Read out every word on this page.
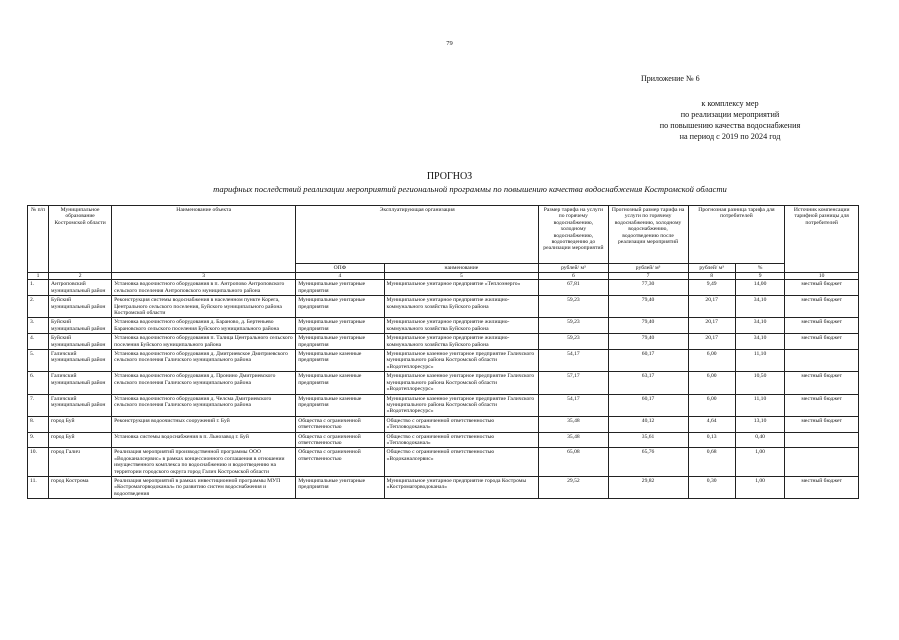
79
Приложение № 6
к комплексу мер
по реализации мероприятий
по повышению качества водоснабжения
на период с 2019 по 2024 год
ПРОГНОЗ
тарифных последствий реализации мероприятий региональной программы по повышению качества водоснабжения Костромской области
№ п/п	Муниципальное образование Костромской области	Наименование объекта	Эксплуатирующая организация		Размер тарифа на услуги по горячему водоснабжению, холодному водоснабжению, водоотведению до реализации мероприятий	Прогнозный размер тарифа на услуги по горячему водоснабжению, холодному водоснабжению, водоотведению после реализации мероприятий	Прогнозная разница тарифа для потребителей		Источник компенсации тарифной разницы для потребителей
			ОПФ	наименование	рублей/ м³	рублей/ м³	рублей/ м³	%	
1	2	3	4	5	6	7	8	9	10
1.	Антроповский муниципальный район	Установка водоочистного оборудования в п. Антропово Антроповского сельского поселения Антроповского муниципального района	Муниципальные унитарные предприятия	Муниципальное унитарное предприятие «Теплоэнерго»	67,81	77,30	9,49	14,00	местный бюджет
2.	Буйский муниципальный район	Реконструкция системы водоснабжения в населенном пункте Корега, Центрального сельского поселения, Буйского муниципального района Костромской области	Муниципальные унитарные предприятия	Муниципальное унитарное предприятие жилищно-коммунального хозяйства Буйского района	59,23	79,40	20,17	34,10	местный бюджет
3.	Буйский муниципальный район	Установка водоочистного оборудования д. Барановo, д. Бертеньево Барановского сельского поселения Буйского муниципального района	Муниципальные унитарные предприятия	Муниципальное унитарное предприятие жилищно-коммунального хозяйства Буйского района	59,23	79,40	20,17	34,10	местный бюджет
4.	Буйский муниципальный район	Установка водоочистного оборудования п. Талица Центрального сельского поселения Буйского муниципального района	Муниципальные унитарные предприятия	Муниципальное унитарное предприятие жилищно-коммунального хозяйства Буйского района	59,23	79,40	20,17	34,10	местный бюджет
5.	Галичский муниципальный район	Установка водоочистного оборудования д. Дмитриевское Дмитриевского сельского поселения Галичского муниципального района	Муниципальные казенные предприятия	Муниципальное казенное унитарное предприятие Галичского муниципального района Костромской области «Водотеплоресурс»	54,17	60,17	6,00	11,10	
6.	Галичский муниципальный район	Установка водоочистного оборудования д. Пронино Дмитриевского сельского поселения Галичского муниципального района	Муниципальные казенные предприятия	Муниципальное казенное унитарное предприятие Галичского муниципального района Костромской области «Водотеплоресурс»	57,17	63,17	6,00	10,50	местный бюджет
7.	Галичский муниципальный район	Установка водоочистного оборудования д. Челсма Дмитриевского сельского поселения Галичского муниципального района	Муниципальные казенные предприятия	Муниципальное казенное унитарное предприятие Галичского муниципального района Костромской области «Водотеплоресурс»	54,17	60,17	6,00	11,10	местный бюджет
8.	город Буй	Реконструкция водоочистных сооружений г. Буй	Общества с ограниченной ответственностью	Общество с ограниченной ответственностью «Тепловодоканал»	35,48	40,12	4,64	13,10	местный бюджет
9.	город Буй	Установка системы водоснабжения в п. Льнозавод г. Буй	Общества с ограниченной ответственностью	Общество с ограниченной ответственностью «Тепловодоканал»	35,48	35,61	0,13	0,40	
10.	город Галич	Реализация мероприятий производственной программы ООО «Водоканалсервис» в рамках концессионного соглашения в отношении имущественного комплекса по водоснабжению и водоотведению на территории городского округа город Галич Костромской области	Общества с ограниченной ответственностью	Общество с ограниченной ответственностью «Водоканалсервис»	65,08	65,76	0,68	1,00	
11.	город Кострома	Реализация мероприятий в рамках инвестиционной программы МУП «Костромагорводоканал» по развитию систем водоснабжения и водоотведения	Муниципальные унитарные предприятия	Муниципальное унитарное предприятие города Костромы «Костромагорводоканал»	29,52	29,82	0,30	1,00	местный бюджет
